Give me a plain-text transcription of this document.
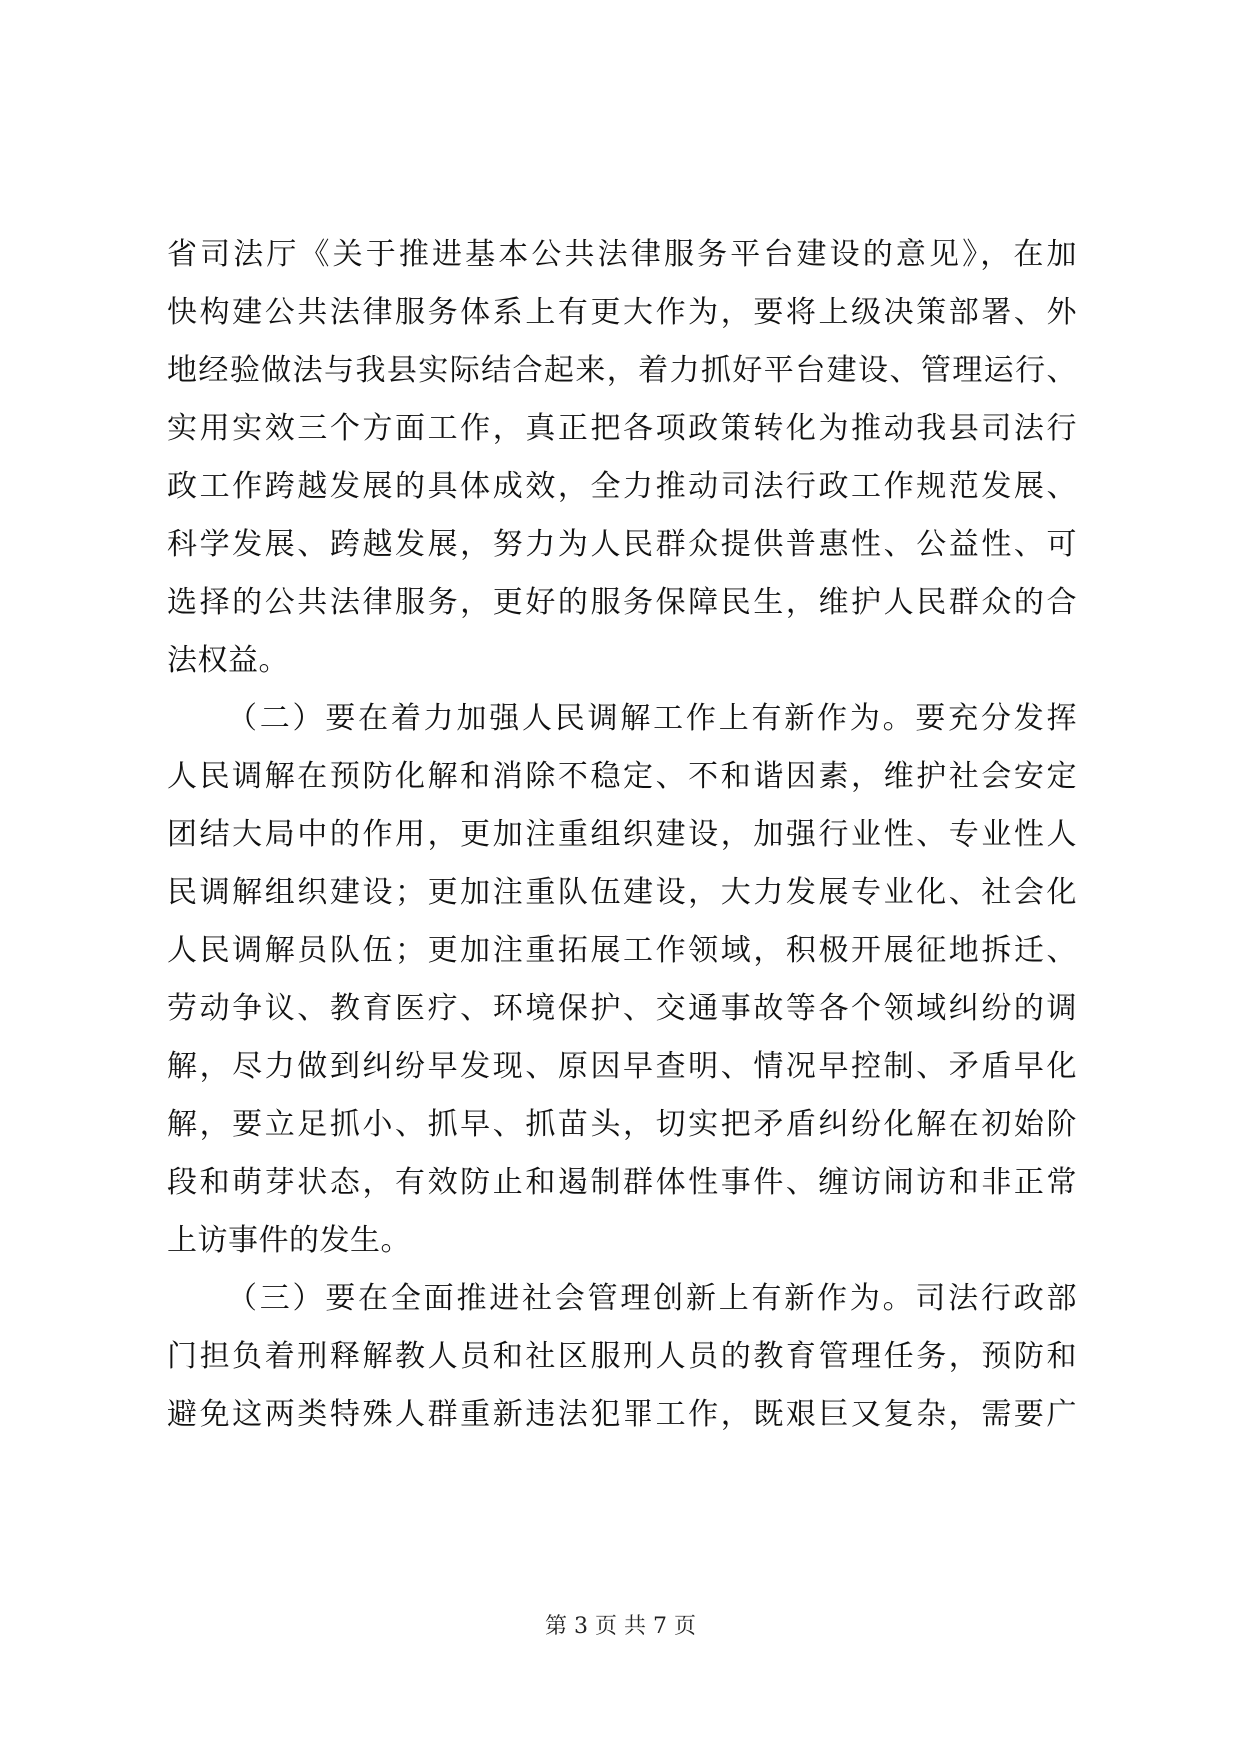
省司法厅《关于推进基本公共法律服务平台建设的意见》，在加
快构建公共法律服务体系上有更大作为，要将上级决策部署、外
地经验做法与我县实际结合起来，着力抓好平台建设、管理运行、
实用实效三个方面工作，真正把各项政策转化为推动我县司法行
政工作跨越发展的具体成效，全力推动司法行政工作规范发展、
科学发展、跨越发展，努力为人民群众提供普惠性、公益性、可
选择的公共法律服务，更好的服务保障民生，维护人民群众的合
法权益。
（二）要在着力加强人民调解工作上有新作为。要充分发挥
人民调解在预防化解和消除不稳定、不和谐因素，维护社会安定
团结大局中的作用，更加注重组织建设，加强行业性、专业性人
民调解组织建设；更加注重队伍建设，大力发展专业化、社会化
人民调解员队伍；更加注重拓展工作领域，积极开展征地拆迁、
劳动争议、教育医疗、环境保护、交通事故等各个领域纠纷的调
解，尽力做到纠纷早发现、原因早查明、情况早控制、矛盾早化
解，要立足抓小、抓早、抓苗头，切实把矛盾纠纷化解在初始阶
段和萌芽状态，有效防止和遏制群体性事件、缠访闹访和非正常
上访事件的发生。
（三）要在全面推进社会管理创新上有新作为。司法行政部
门担负着刑释解教人员和社区服刑人员的教育管理任务，预防和
避免这两类特殊人群重新违法犯罪工作，既艰巨又复杂，需要广
第 3 页 共 7 页
